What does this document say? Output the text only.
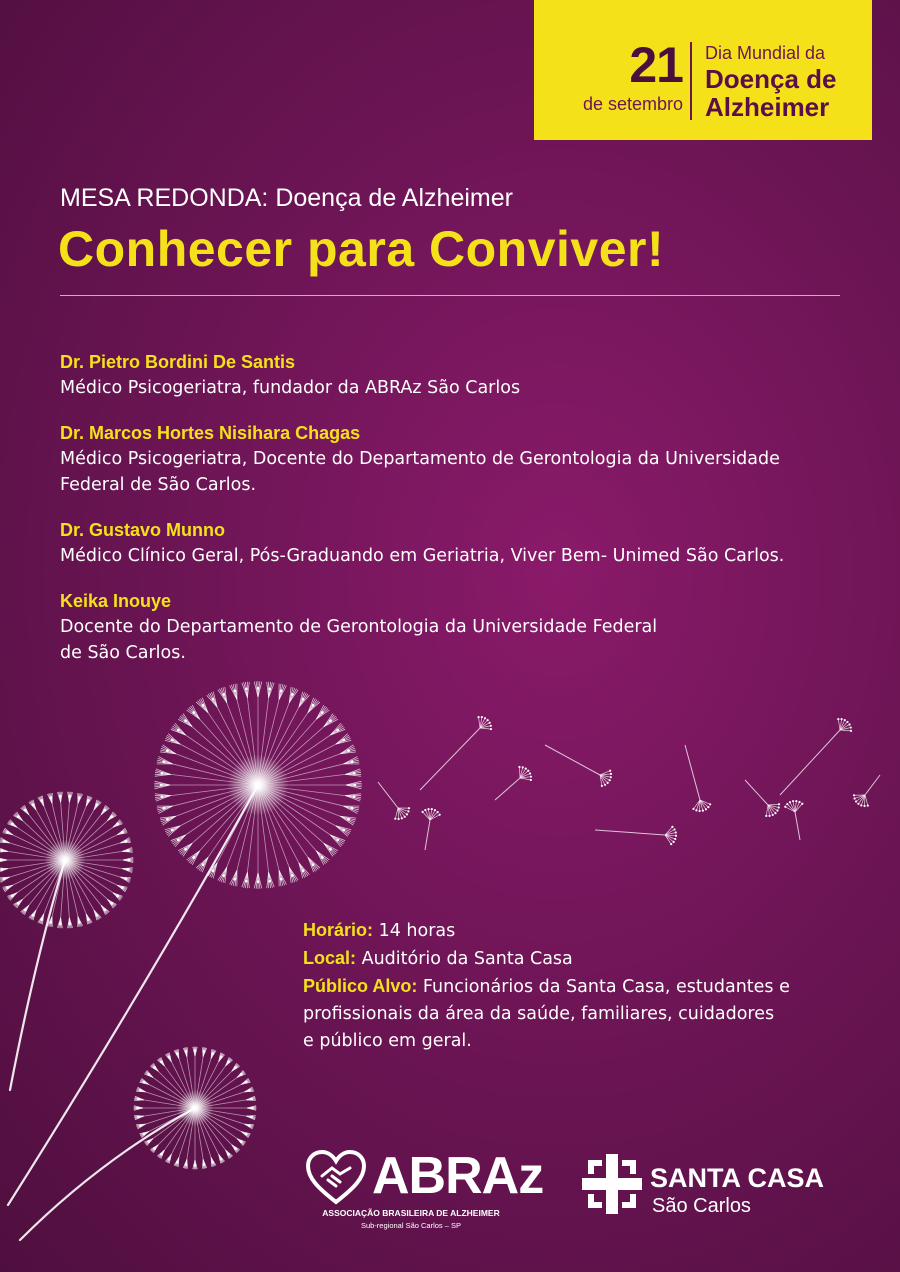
21
de setembro
Dia Mundial da
Doença de
Alzheimer
MESA REDONDA: Doença de Alzheimer
Conhecer para Conviver!
Dr. Pietro Bordini De Santis
Médico Psicogeriatra, fundador da ABRAz São Carlos
Dr. Marcos Hortes Nisihara Chagas
Médico Psicogeriatra, Docente do Departamento de Gerontologia da Universidade
Federal de São Carlos.
Dr. Gustavo Munno
Médico Clínico Geral, Pós-Graduando em Geriatria, Viver Bem- Unimed São Carlos.
Keika Inouye
Docente do Departamento de Gerontologia da Universidade Federal
de São Carlos.
Horário: 14 horas
Local: Auditório da Santa Casa
Público Alvo: Funcionários da Santa Casa, estudantes e
profissionais da área da saúde, familiares, cuidadores
e público em geral.
ABRAz
ASSOCIAÇÃO BRASILEIRA DE ALZHEIMER
Sub-regional São Carlos – SP
SANTA CASA
São Carlos
